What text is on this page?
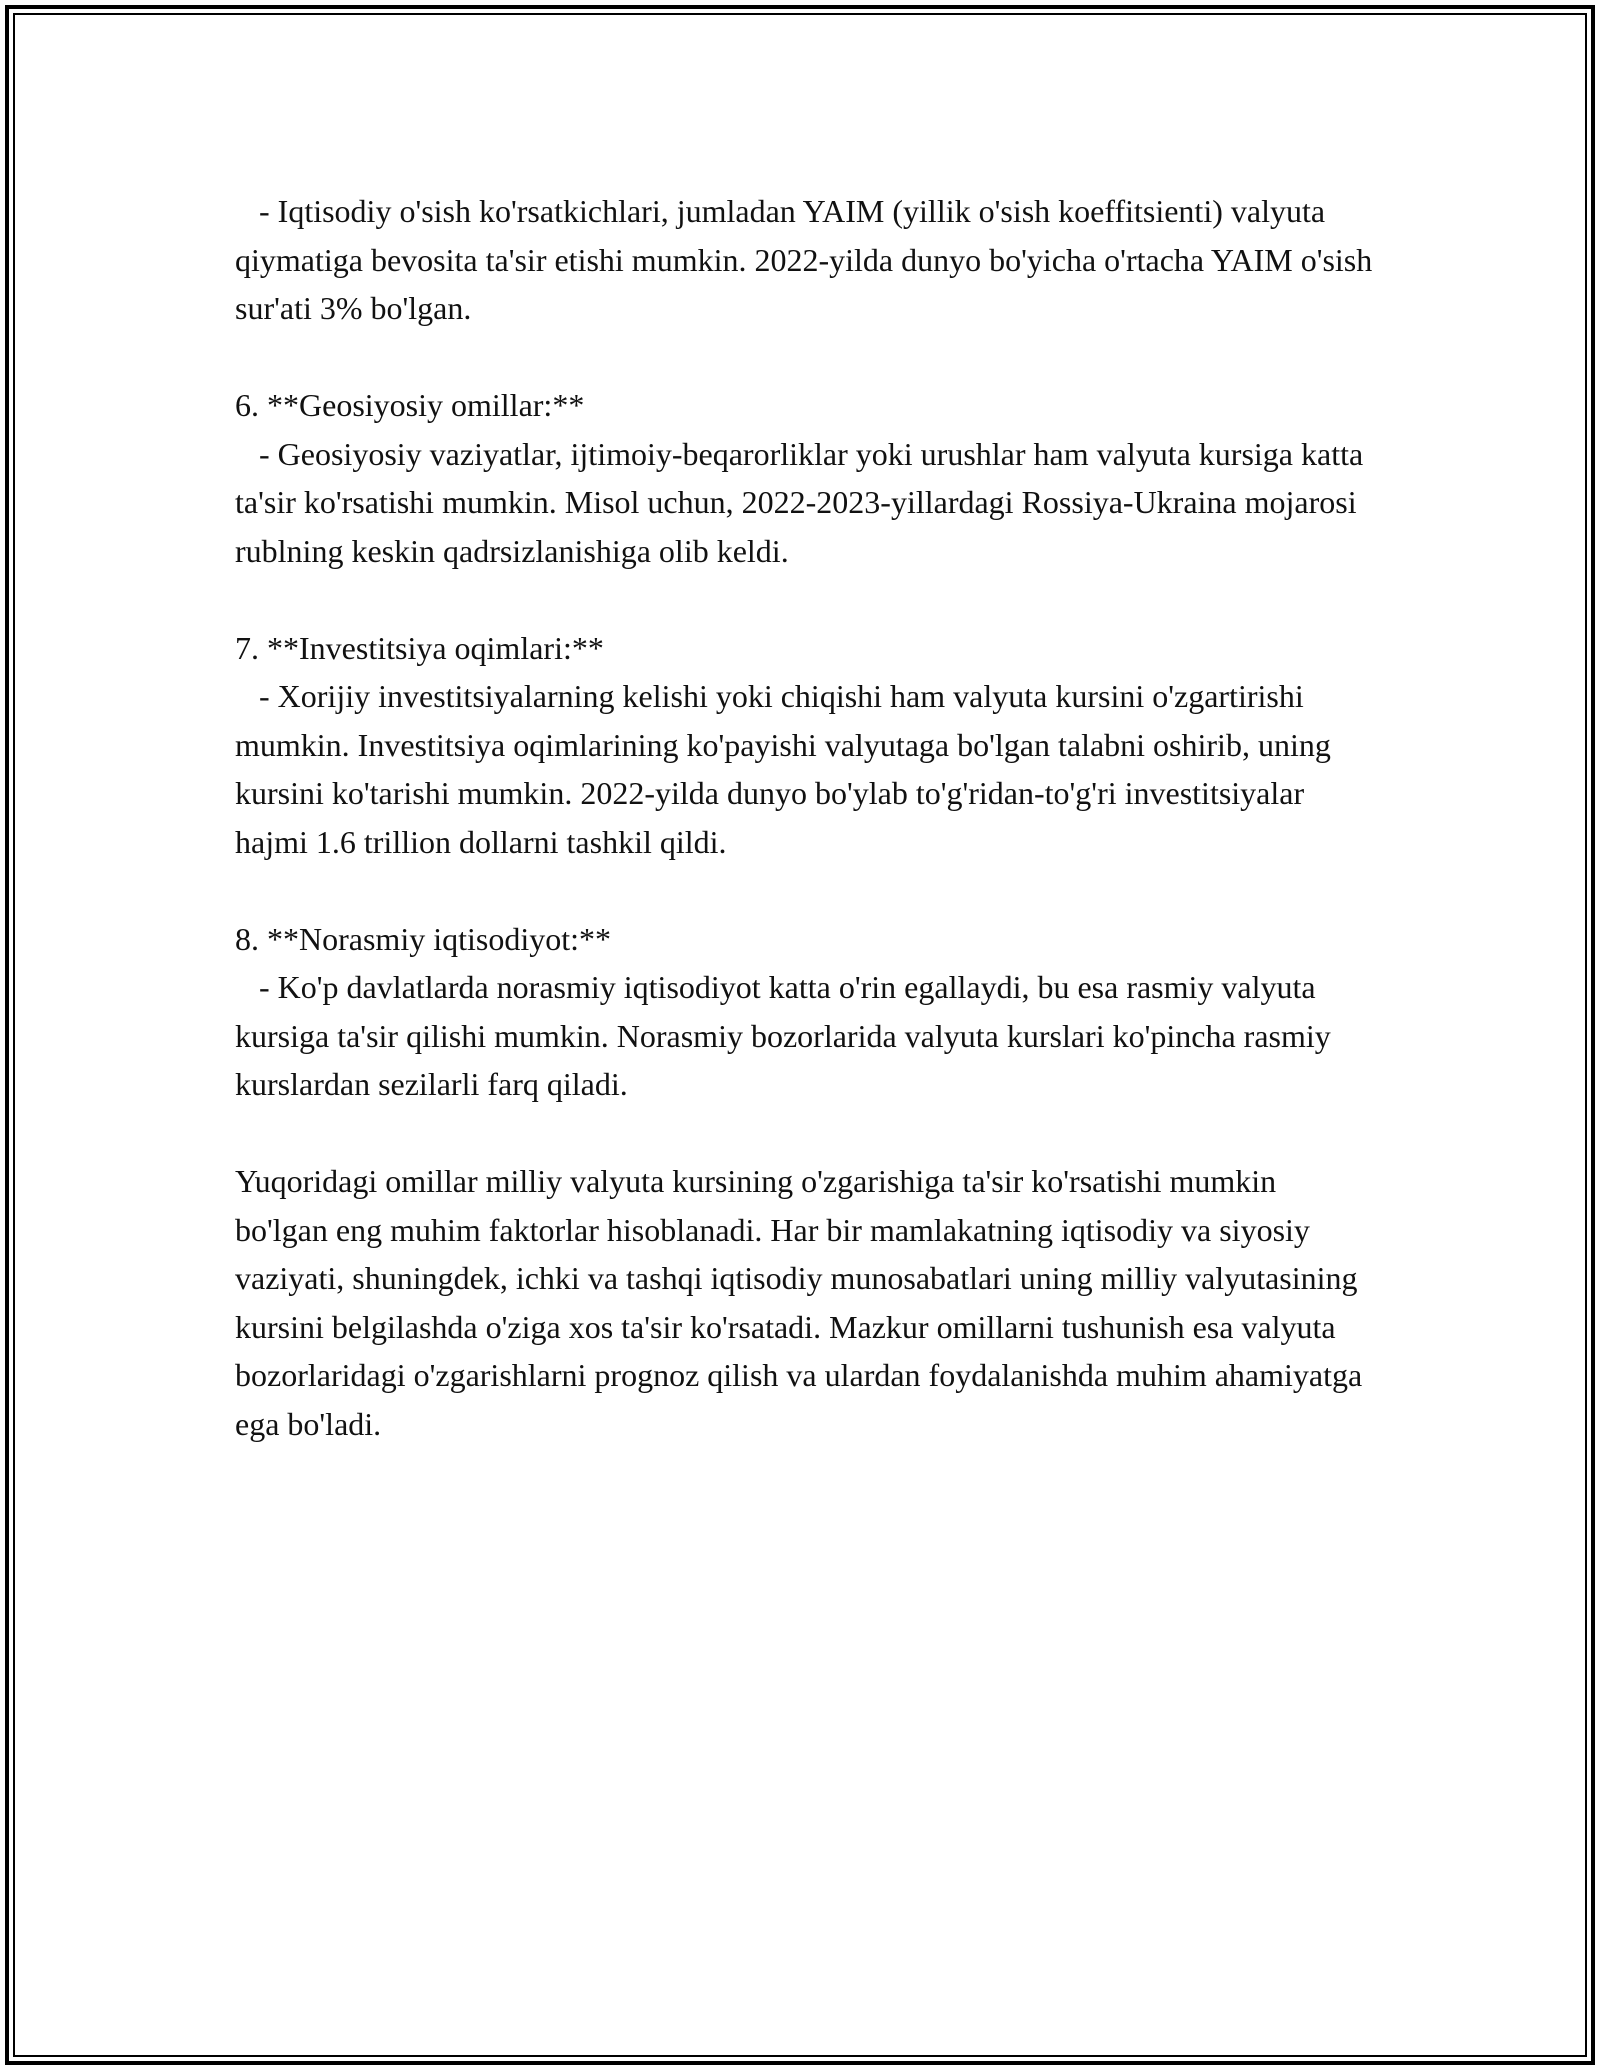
- Iqtisodiy o'sish ko'rsatkichlari, jumladan YAIM (yillik o'sish koeffitsienti) valyuta qiymatiga bevosita ta'sir etishi mumkin. 2022-yilda dunyo bo'yicha o'rtacha YAIM o'sish sur'ati 3% bo'lgan.

6. **Geosiyosiy omillar:**

- Geosiyosiy vaziyatlar, ijtimoiy-beqarorliklar yoki urushlar ham valyuta kursiga katta ta'sir ko'rsatishi mumkin. Misol uchun, 2022-2023-yillardagi Rossiya-Ukraina mojarosi rublning keskin qadrsizlanishiga olib keldi.

7. **Investitsiya oqimlari:**

- Xorijiy investitsiyalarning kelishi yoki chiqishi ham valyuta kursini o'zgartirishi mumkin. Investitsiya oqimlarining ko'payishi valyutaga bo'lgan talabni oshirib, uning kursini ko'tarishi mumkin. 2022-yilda dunyo bo'ylab to'g'ridan-to'g'ri investitsiyalar hajmi 1.6 trillion dollarni tashkil qildi.

8. **Norasmiy iqtisodiyot:**

- Ko'p davlatlarda norasmiy iqtisodiyot katta o'rin egallaydi, bu esa rasmiy valyuta kursiga ta'sir qilishi mumkin. Norasmiy bozorlarida valyuta kurslari ko'pincha rasmiy kurslardan sezilarli farq qiladi.

Yuqoridagi omillar milliy valyuta kursining o'zgarishiga ta'sir ko'rsatishi mumkin bo'lgan eng muhim faktorlar hisoblanadi. Har bir mamlakatning iqtisodiy va siyosiy vaziyati, shuningdek, ichki va tashqi iqtisodiy munosabatlari uning milliy valyutasining kursini belgilashda o'ziga xos ta'sir ko'rsatadi. Mazkur omillarni tushunish esa valyuta bozorlaridagi o'zgarishlarni prognoz qilish va ulardan foydalanishda muhim ahamiyatga ega bo'ladi.
